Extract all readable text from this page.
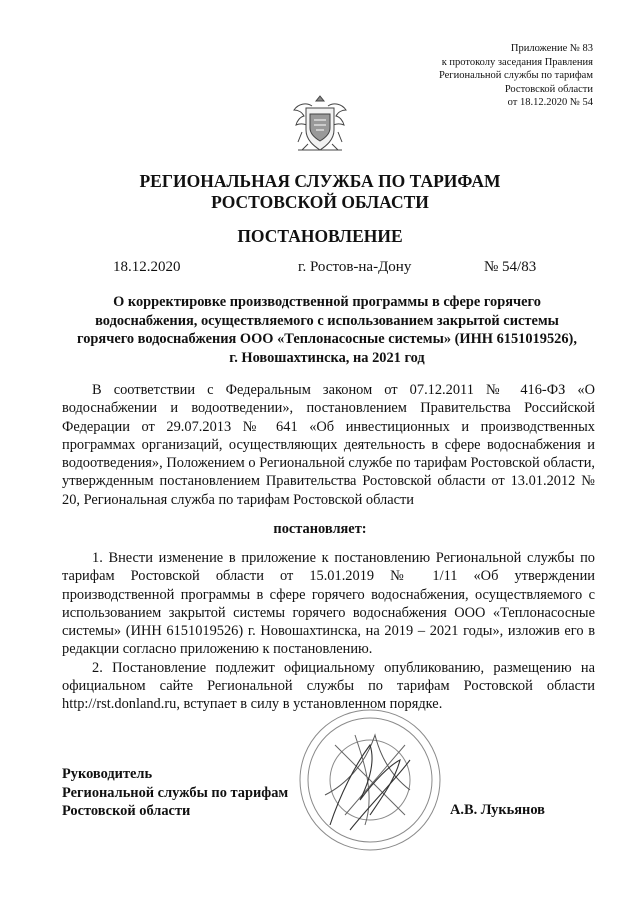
Приложение № 83
к протоколу заседания Правления
Региональной службы по тарифам
Ростовской области
от 18.12.2020 № 54
РЕГИОНАЛЬНАЯ СЛУЖБА ПО ТАРИФАМ
РОСТОВСКОЙ ОБЛАСТИ
ПОСТАНОВЛЕНИЕ
18.12.2020	г. Ростов-на-Дону	№ 54/83
О корректировке производственной программы в сфере горячего
водоснабжения, осуществляемого с использованием закрытой системы
горячего водоснабжения ООО «Теплонасосные системы» (ИНН 6151019526),
г. Новошахтинска, на 2021 год

В соответствии с Федеральным законом от 07.12.2011 № 416-ФЗ «О водоснабжении и водоотведении», постановлением Правительства Российской Федерации от 29.07.2013 № 641 «Об инвестиционных и производственных программах организаций, осуществляющих деятельность в сфере водоснабжения и водоотведения», Положением о Региональной службе по тарифам Ростовской области, утвержденным постановлением Правительства Ростовской области от 13.01.2012 № 20, Региональная служба по тарифам Ростовской области

постановляет:

1. Внести изменение в приложение к постановлению Региональной службы по тарифам Ростовской области от 15.01.2019 № 1/11 «Об утверждении производственной программы в сфере горячего водоснабжения, осуществляемого с использованием закрытой системы горячего водоснабжения ООО «Теплонасосные системы» (ИНН 6151019526) г. Новошахтинска, на 2019 – 2021 годы», изложив его в редакции согласно приложению к постановлению.

2. Постановление подлежит официальному опубликованию, размещению на официальном сайте Региональной службы по тарифам Ростовской области http://rst.donland.ru, вступает в силу в установленном порядке.

Руководитель
Региональной службы по тарифам
Ростовской области	А.В. Лукьянов
